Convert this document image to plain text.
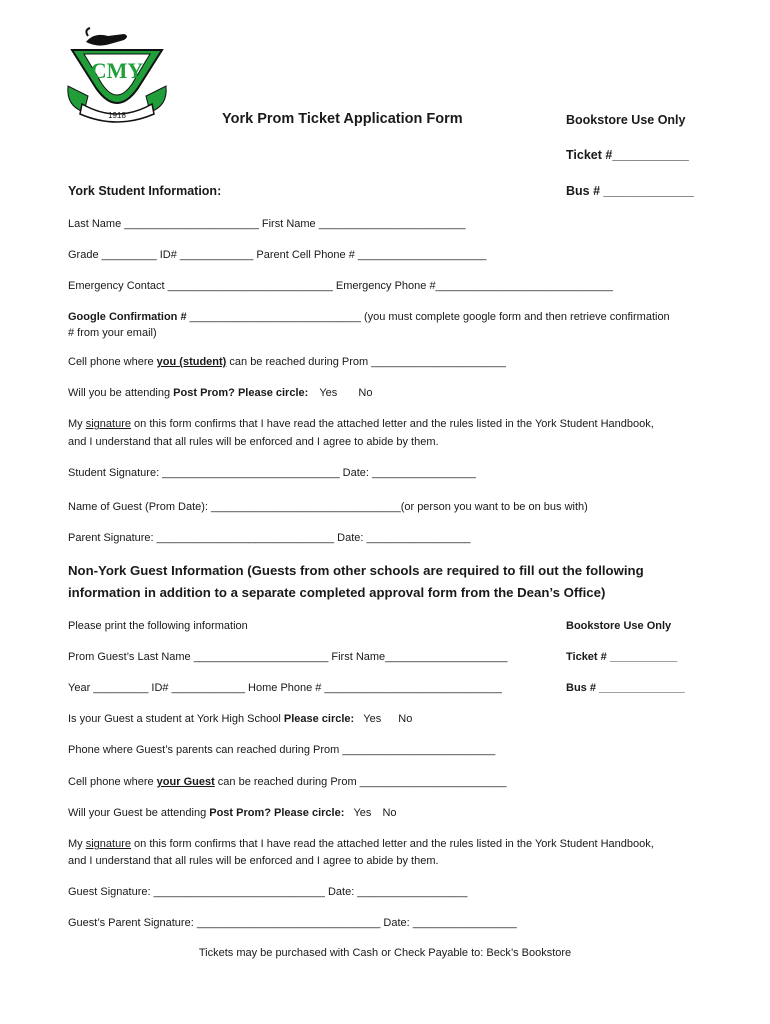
CMY
1918	York Prom Ticket Application Form	Bookstore Use Only
Ticket #___________
Bus # _____________
York Student Information:
Last Name ______________________ First Name ________________________
Grade _________ ID# ____________ Parent Cell Phone # _____________________
Emergency Contact ___________________________ Emergency Phone #_____________________________
Google Confirmation # ____________________________ (you must complete google form and then retrieve confirmation
# from your email)
Cell phone where you (student) can be reached during Prom ______________________
Will you be attending Post Prom? Please circle: Yes No
My signature on this form confirms that I have read the attached letter and the rules listed in the York Student Handbook,
and I understand that all rules will be enforced and I agree to abide by them.
Student Signature: _____________________________ Date: _________________
Name of Guest (Prom Date): _______________________________(or person you want to be on bus with)
Parent Signature: _____________________________ Date: _________________
Non-York Guest Information (Guests from other schools are required to fill out the following
information in addition to a separate completed approval form from the Dean’s Office)
Please print the following information	Bookstore Use Only
Prom Guest’s Last Name ______________________ First Name____________________	Ticket # ___________
Year _________ ID# ____________ Home Phone # _____________________________	Bus # ______________
Is your Guest a student at York High School Please circle: Yes No
Phone where Guest’s parents can reached during Prom _________________________
Cell phone where your Guest can be reached during Prom ________________________
Will your Guest be attending Post Prom? Please circle: Yes No
My signature on this form confirms that I have read the attached letter and the rules listed in the York Student Handbook,
and I understand that all rules will be enforced and I agree to abide by them.
Guest Signature: ____________________________ Date: __________________
Guest’s Parent Signature: ______________________________ Date: _________________
Tickets may be purchased with Cash or Check Payable to: Beck’s Bookstore
